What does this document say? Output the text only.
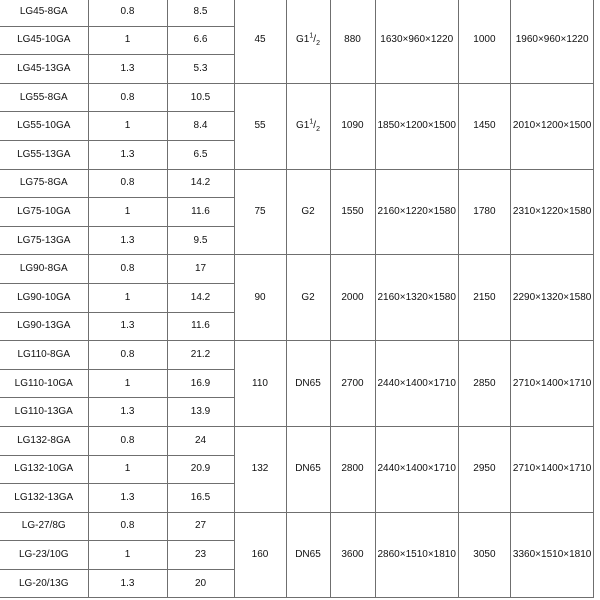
LG45-8GA	0.8	8.5	45	$G1^1/_2$	880	1630×960×1220	1000	1960×960×1220
LG45-10GA	1	6.6						
LG45-13GA	1.3	5.3						
LG55-8GA	0.8	10.5	55	$G1^1/_2$	1090	1850×1200×1500	1450	2010×1200×1500
LG55-10GA	1	8.4						
LG55-13GA	1.3	6.5						
LG75-8GA	0.8	14.2	75	G2	1550	2160×1220×1580	1780	2310×1220×1580
LG75-10GA	1	11.6						
LG75-13GA	1.3	9.5						
LG90-8GA	0.8	17	90	G2	2000	2160×1320×1580	2150	2290×1320×1580
LG90-10GA	1	14.2						
LG90-13GA	1.3	11.6						
LG110-8GA	0.8	21.2	110	DN65	2700	2440×1400×1710	2850	2710×1400×1710
LG110-10GA	1	16.9						
LG110-13GA	1.3	13.9						
LG132-8GA	0.8	24	132	DN65	2800	2440×1400×1710	2950	2710×1400×1710
LG132-10GA	1	20.9						
LG132-13GA	1.3	16.5						
LG-27/8G	0.8	27	160	DN65	3600	2860×1510×1810	3050	3360×1510×1810
LG-23/10G	1	23						
LG-20/13G	1.3	20						
